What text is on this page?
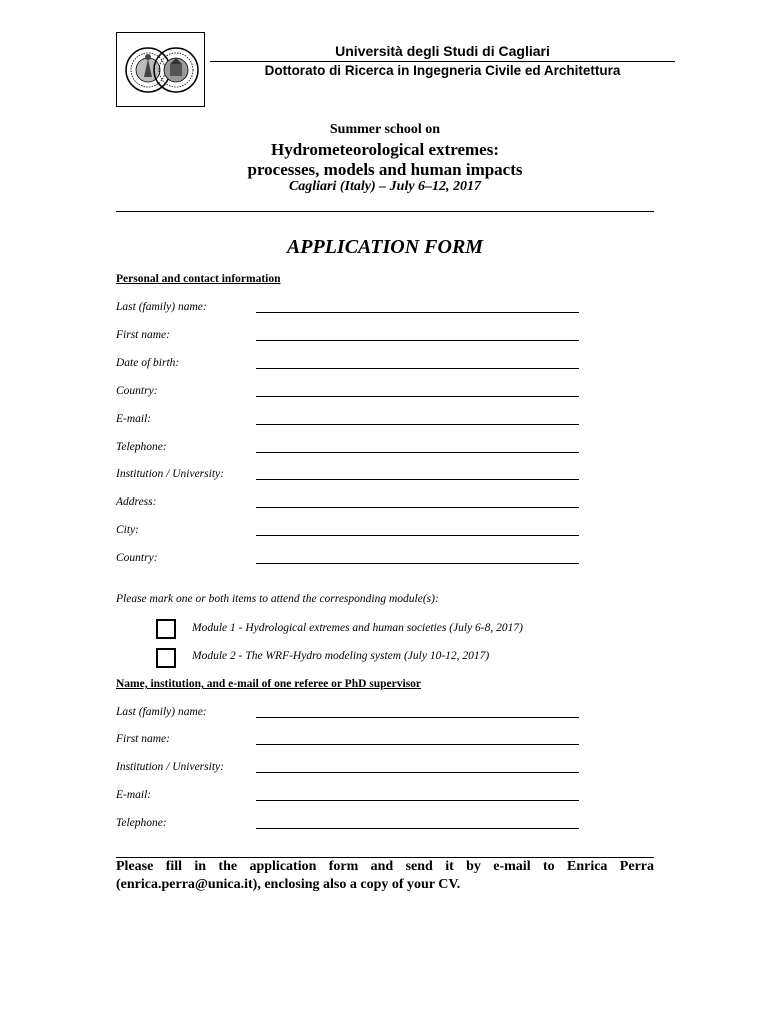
Università degli Studi di Cagliari
Dottorato di Ricerca in Ingegneria Civile ed Architettura
Summer school on
Hydrometeorological extremes:
processes, models and human impacts
Cagliari (Italy) – July 6–12, 2017
APPLICATION FORM
Personal and contact information
Last (family) name:
First name:
Date of birth:
Country:
E-mail:
Telephone:
Institution / University:
Address:
City:
Country:
Please mark one or both items to attend the corresponding module(s):
Module 1 - Hydrological extremes and human societies (July 6-8, 2017)
Module 2 - The WRF-Hydro modeling system (July 10-12, 2017)
Name, institution, and e-mail of one referee or PhD supervisor
Last (family) name:
First name:
Institution / University:
E-mail:
Telephone:
Please fill in the application form and send it by e-mail to Enrica Perra (enrica.perra@unica.it), enclosing also a copy of your CV.
